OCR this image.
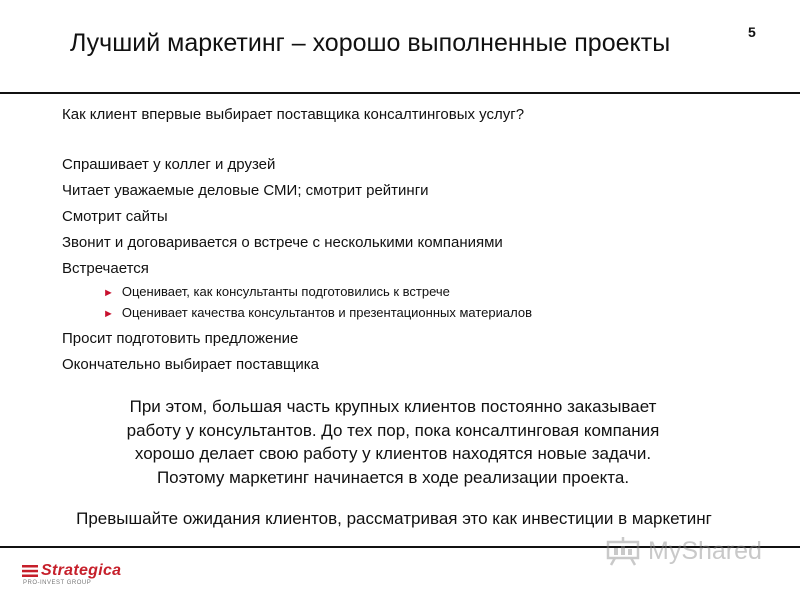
Лучший маркетинг – хорошо выполненные проекты	5
Как клиент впервые выбирает поставщика консалтинговых услуг?
Спрашивает у коллег и друзей
Читает уважаемые деловые СМИ; смотрит рейтинги
Смотрит сайты
Звонит и договаривается о встрече с несколькими компаниями
Встречается
► Оценивает, как консультанты подготовились к встрече
► Оценивает качества консультантов и презентационных материалов
Просит подготовить предложение
Окончательно выбирает поставщика
При этом, большая часть крупных клиентов постоянно заказывает
работу у консультантов. До тех пор, пока консалтинговая компания
хорошо делает свою работу у клиентов находятся новые задачи.
Поэтому маркетинг начинается в ходе реализации проекта.
Превышайте ожидания клиентов, рассматривая это как инвестиции в маркетинг
Strategica
PRO-INVEST GROUP
MyShared
